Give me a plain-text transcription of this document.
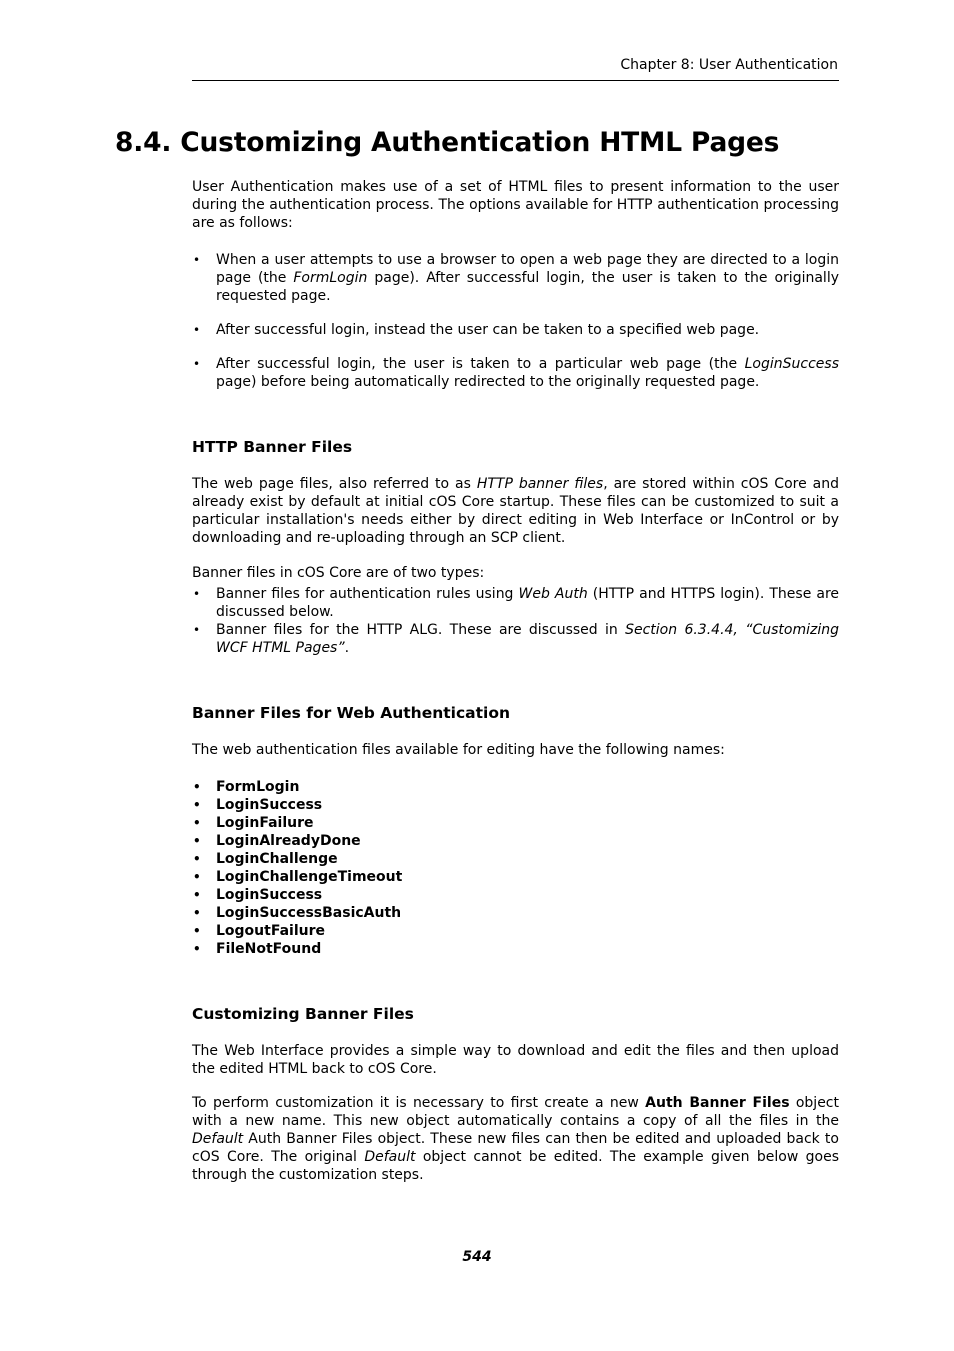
Chapter 8: User Authentication
8.4. Customizing Authentication HTML Pages

User Authentication makes use of a set of HTML files to present information to the user during the authentication process. The options available for HTTP authentication processing are as follows:

• When a user attempts to use a browser to open a web page they are directed to a login page (the FormLogin page). After successful login, the user is taken to the originally requested page.
• After successful login, instead the user can be taken to a specified web page.
• After successful login, the user is taken to a particular web page (the LoginSuccess page) before being automatically redirected to the originally requested page.
HTTP Banner Files

The web page files, also referred to as HTTP banner files, are stored within cOS Core and already exist by default at initial cOS Core startup. These files can be customized to suit a particular installation's needs either by direct editing in Web Interface or InControl or by downloading and re-uploading through an SCP client.

Banner files in cOS Core are of two types:

• Banner files for authentication rules using Web Auth (HTTP and HTTPS login). These are discussed below.
• Banner files for the HTTP ALG. These are discussed in Section 6.3.4.4, “Customizing WCF HTML Pages”.
Banner Files for Web Authentication

The web authentication files available for editing have the following names:

• FormLogin
• LoginSuccess
• LoginFailure
• LoginAlreadyDone
• LoginChallenge
• LoginChallengeTimeout
• LoginSuccess
• LoginSuccessBasicAuth
• LogoutFailure
• FileNotFound
Customizing Banner Files

The Web Interface provides a simple way to download and edit the files and then upload the edited HTML back to cOS Core.

To perform customization it is necessary to first create a new Auth Banner Files object with a new name. This new object automatically contains a copy of all the files in the Default Auth Banner Files object. These new files can then be edited and uploaded back to cOS Core. The original Default object cannot be edited. The example given below goes through the customization steps.

544
